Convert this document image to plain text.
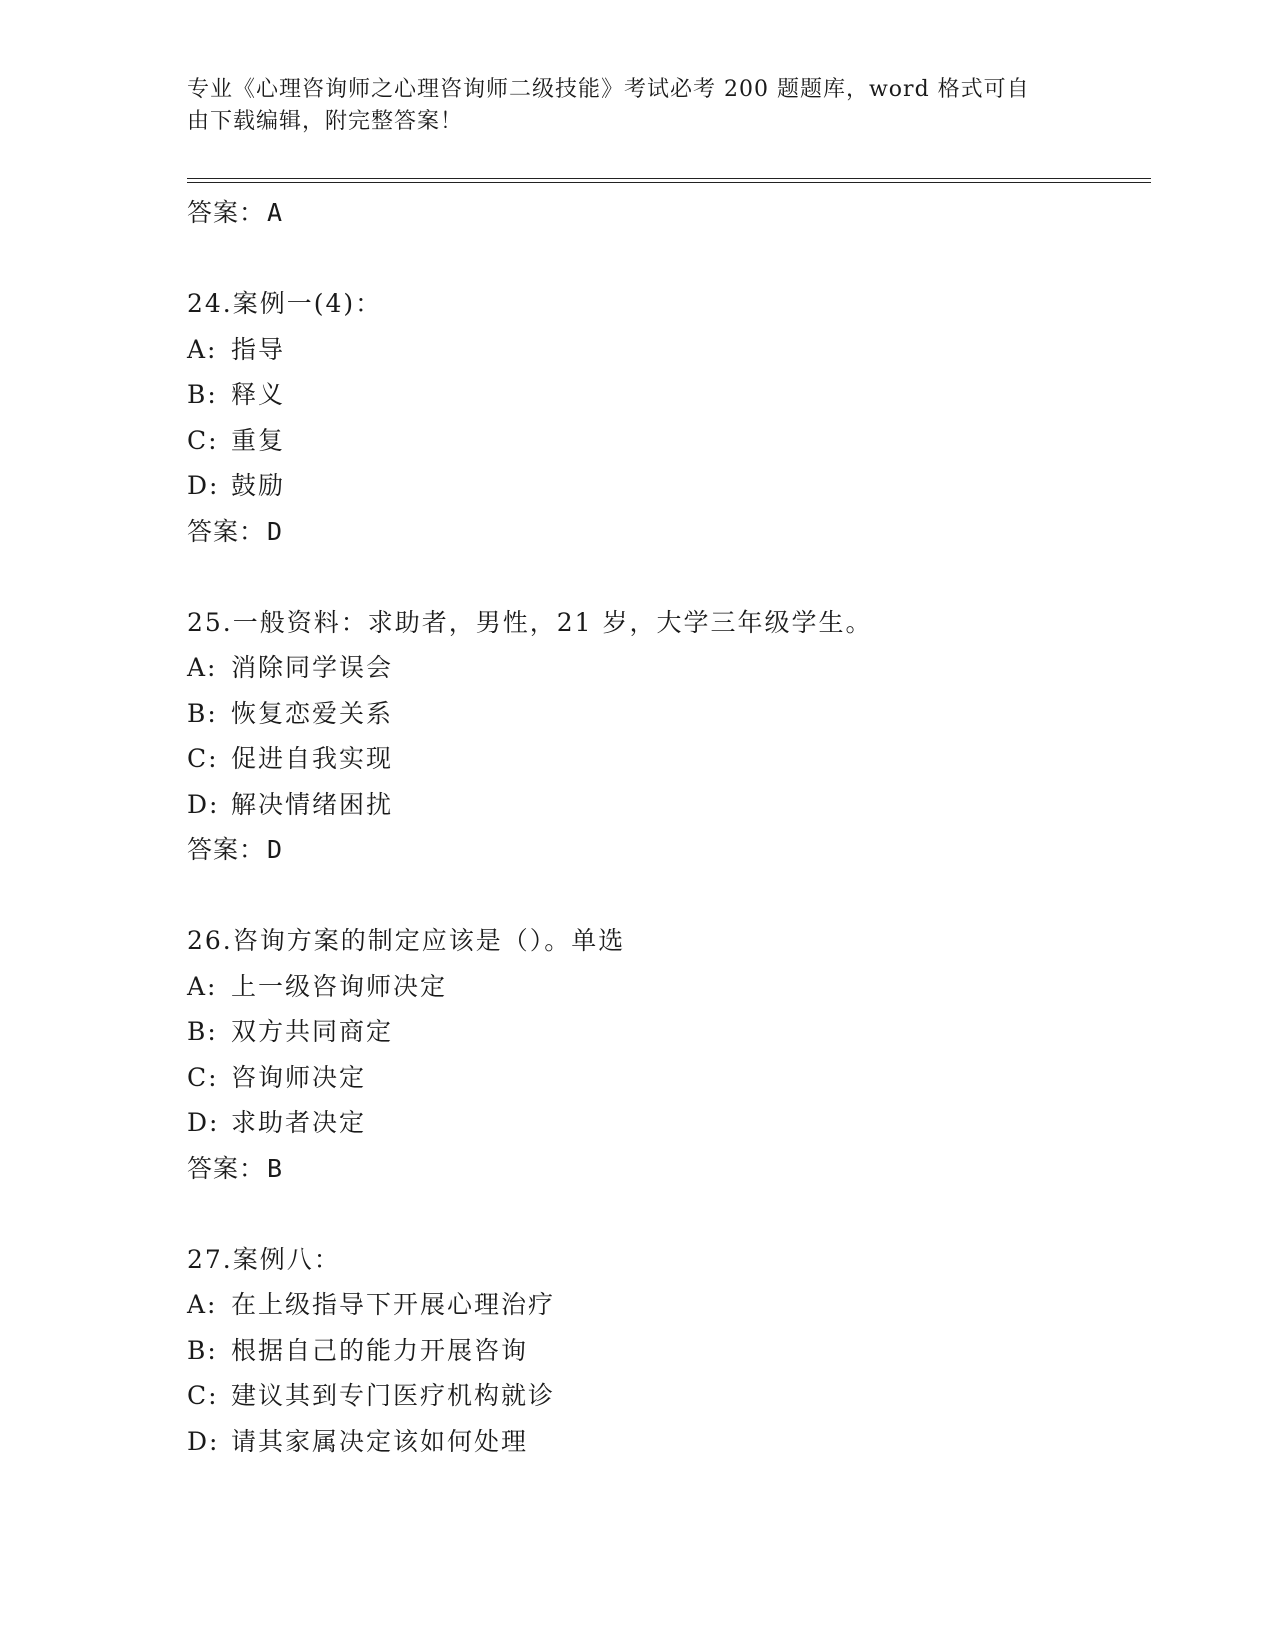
专业《心理咨询师之心理咨询师二级技能》考试必考 200 题题库，word 格式可自
由下载编辑，附完整答案！
答案：A
24.案例一(4)：
A: 指导
B: 释义
C: 重复
D: 鼓励
答案：D
25.一般资料：求助者，男性，21 岁，大学三年级学生。
A: 消除同学误会
B: 恢复恋爱关系
C: 促进自我实现
D: 解决情绪困扰
答案：D
26.咨询方案的制定应该是（）。单选
A: 上一级咨询师决定
B: 双方共同商定
C: 咨询师决定
D: 求助者决定
答案：B
27.案例八：
A: 在上级指导下开展心理治疗
B: 根据自己的能力开展咨询
C: 建议其到专门医疗机构就诊
D: 请其家属决定该如何处理
